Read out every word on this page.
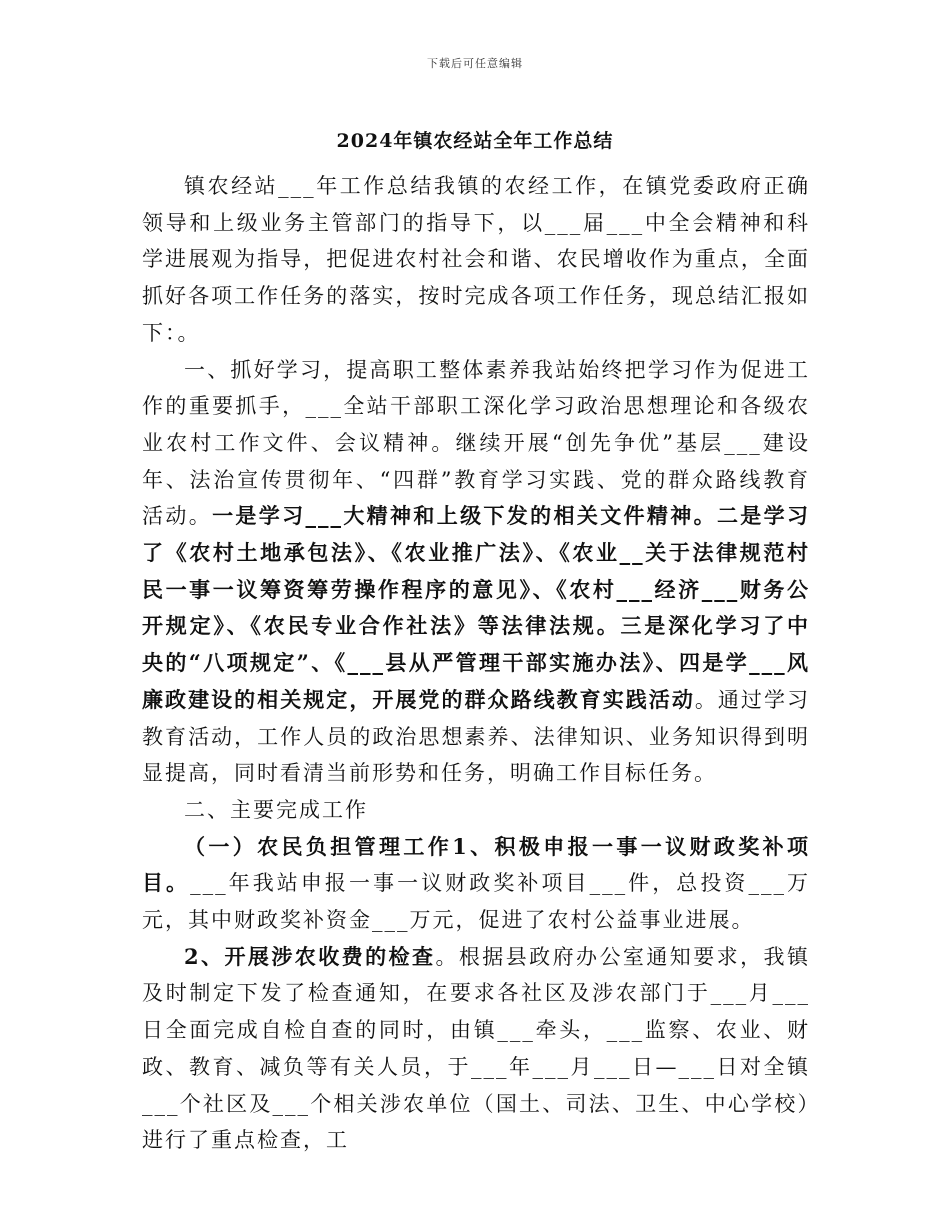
下载后可任意编辑
2024年镇农经站全年工作总结

镇农经站___年工作总结我镇的农经工作，在镇党委政府正确领导和上级业务主管部门的指导下，以___届___中全会精神和科学进展观为指导，把促进农村社会和谐、农民增收作为重点，全面抓好各项工作任务的落实，按时完成各项工作任务，现总结汇报如下：。

一、抓好学习，提高职工整体素养我站始终把学习作为促进工作的重要抓手，___全站干部职工深化学习政治思想理论和各级农业农村工作文件、会议精神。继续开展“创先争优”基层___建设年、法治宣传贯彻年、“四群”教育学习实践、党的群众路线教育活动。一是学习___大精神和上级下发的相关文件精神。二是学习了《农村土地承包法》、《农业推广法》、《农业__关于法律规范村民一事一议筹资筹劳操作程序的意见》、《农村___经济___财务公开规定》、《农民专业合作社法》等法律法规。三是深化学习了中央的“八项规定”、《___县从严管理干部实施办法》、四是学___风廉政建设的相关规定，开展党的群众路线教育实践活动。通过学习教育活动，工作人员的政治思想素养、法律知识、业务知识得到明显提高，同时看清当前形势和任务，明确工作目标任务。

二、主要完成工作

（一）农民负担管理工作1、积极申报一事一议财政奖补项目。___年我站申报一事一议财政奖补项目___件，总投资___万元，其中财政奖补资金___万元，促进了农村公益事业进展。

2、开展涉农收费的检查。根据县政府办公室通知要求，我镇及时制定下发了检查通知，在要求各社区及涉农部门于___月___日全面完成自检自查的同时，由镇___牵头，___监察、农业、财政、教育、减负等有关人员，于___年___月___日—___日对全镇___个社区及___个相关涉农单位（国土、司法、卫生、中心学校）进行了重点检查，工
